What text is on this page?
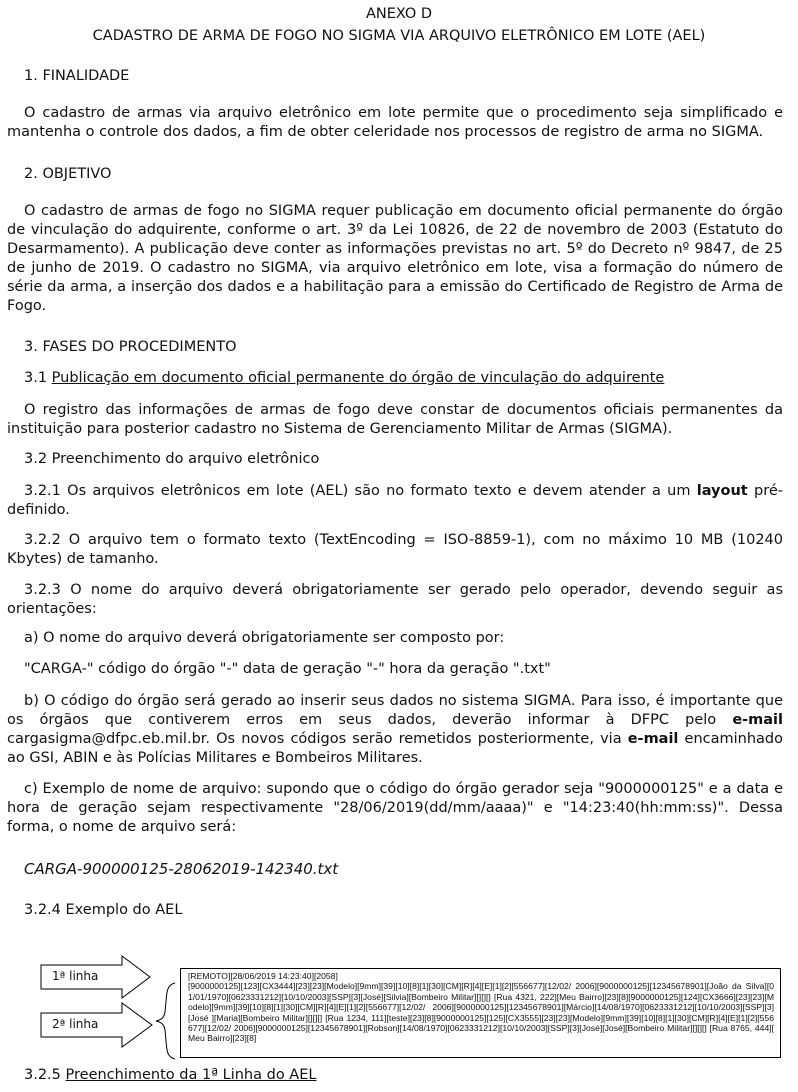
ANEXO D
CADASTRO DE ARMA DE FOGO NO SIGMA VIA ARQUIVO ELETRÔNICO EM LOTE (AEL)
1. FINALIDADE
O cadastro de armas via arquivo eletrônico em lote permite que o procedimento seja simplificado e mantenha o controle dos dados, a fim de obter celeridade nos processos de registro de arma no SIGMA.
2. OBJETIVO
O cadastro de armas de fogo no SIGMA requer publicação em documento oficial permanente do órgão de vinculação do adquirente, conforme o art. 3º da Lei 10826, de 22 de novembro de 2003 (Estatuto do Desarmamento). A publicação deve conter as informações previstas no art. 5º do Decreto nº 9847, de 25 de junho de 2019. O cadastro no SIGMA, via arquivo eletrônico em lote, visa a formação do número de série da arma, a inserção dos dados e a habilitação para a emissão do Certificado de Registro de Arma de Fogo.
3. FASES DO PROCEDIMENTO
3.1 Publicação em documento oficial permanente do órgão de vinculação do adquirente
O registro das informações de armas de fogo deve constar de documentos oficiais permanentes da instituição para posterior cadastro no Sistema de Gerenciamento Militar de Armas (SIGMA).
3.2 Preenchimento do arquivo eletrônico
3.2.1 Os arquivos eletrônicos em lote (AEL) são no formato texto e devem atender a um layout pré-definido.
3.2.2 O arquivo tem o formato texto (TextEncoding = ISO-8859-1), com no máximo 10 MB (10240 Kbytes) de tamanho.
3.2.3 O nome do arquivo deverá obrigatoriamente ser gerado pelo operador, devendo seguir as orientações:
a) O nome do arquivo deverá obrigatoriamente ser composto por:
"CARGA-" código do órgão "-" data de geração "-" hora da geração ".txt"
b) O código do órgão será gerado ao inserir seus dados no sistema SIGMA. Para isso, é importante que os órgãos que contiverem erros em seus dados, deverão informar à DFPC pelo e-mail cargasigma@dfpc.eb.mil.br. Os novos códigos serão remetidos posteriormente, via e-mail encaminhado ao GSI, ABIN e às Polícias Militares e Bombeiros Militares.
c) Exemplo de nome de arquivo: supondo que o código do órgão gerador seja "9000000125" e a data e hora de geração sejam respectivamente "28/06/2019(dd/mm/aaaa)" e "14:23:40(hh:mm:ss)". Dessa forma, o nome de arquivo será:
CARGA-900000125-28062019-142340.txt
3.2.4 Exemplo do AEL
1ª linha
2ª linha
[REMOTO][28/06/2019 14:23:40][2058]
[9000000125][123][CX3444][23][23][Modelo][9mm][39][10][8][1][30][CM][R][4][E][1][2][556677][12/02/ 2006][9000000125][12345678901][João da Silva][01/01/1970][0623331212][10/10/2003][SSP][3][José][Silvia][Bombeiro Militar][][][] [Rua 4321, 222][Meu Bairro][23][8][9000000125][124][CX3666][23][23][Modelo][9mm][39][10][8][1][30][CM][R][4][E][1][2][556677][12/02/ 2006][9000000125][12345678901][Márcio][14/08/1970][0623331212][10/10/2003][SSP][3][José ][Maria][Bombeiro Militar][][][] [Rua 1234, 111][teste][23][8][9000000125][125][CX3555][23][23][Modelo][9mm][39][10][8][1][30][CM][R][4][E][1][2][556677][12/02/ 2006][9000000125][12345678901][Robson][14/08/1970][0623331212][10/10/2003][SSP][3][José][José][Bombeiro Militar][][][] [Rua 8765, 444][ Meu Bairro][23][8]
3.2.5 Preenchimento da 1ª Linha do AEL
